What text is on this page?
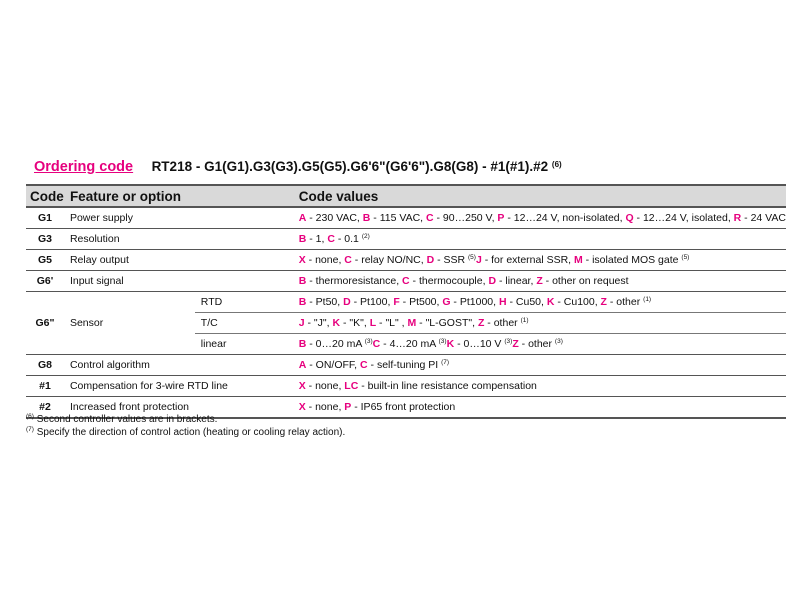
Ordering code RT218 - G1(G1).G3(G3).G5(G5).G6'6"(G6'6").G8(G8) - #1(#1).#2 $^{(6)}$
Code	Feature or option		Code values
G1	Power supply		A - 230 VAC, B - 115 VAC, C - 90…250 V, P - 12…24 V, non-isolated, Q - 12…24 V, isolated, R - 24 VAC
G3	Resolution		B - 1, C - 0.1 $^{(2)}$
G5	Relay output		X - none, C - relay NO/NC, D - SSR $^{(5)}$J - for external SSR, M - isolated MOS gate $^{(5)}$
G6'	Input signal		B - thermoresistance, C - thermocouple, D - linear, Z - other on request
G6"	Sensor	RTD	B - Pt50, D - Pt100, F - Pt500, G - Pt1000, H - Cu50, K - Cu100, Z - other $^{(1)}$
		T/C	J - "J", K - "K", L - "L" , M - "L-GOST", Z - other $^{(1)}$
		linear	B - 0…20 mA $^{(3)}$C - 4…20 mA $^{(3)}$K - 0…10 V $^{(3)}$Z - other $^{(3)}$
G8	Control algorithm		A - ON/OFF, C - self-tuning PI $^{(7)}$
#1	Compensation for 3-wire RTD line		X - none, LC - built-in line resistance compensation
#2	Increased front protection		X - none, P - IP65 front protection
$^{(6)}$ Second controller values are in brackets.
$^{(7)}$ Specify the direction of control action (heating or cooling relay action).
